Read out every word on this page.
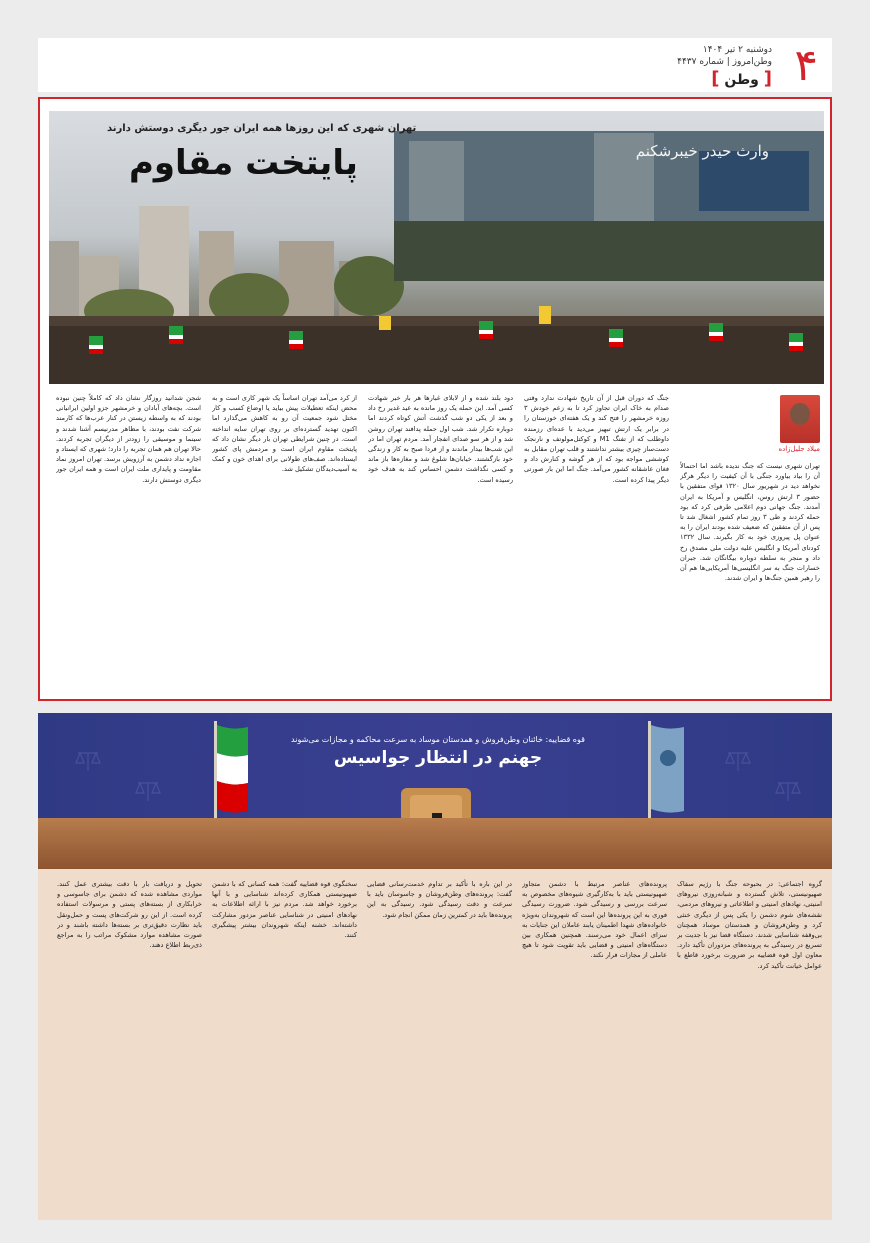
۴
دوشنبه ۲ تیر ۱۴۰۴
وطن‌امروز | شماره ۴۴۳۷
[ وطن ]
وارث حیدر خیبرشکنم
تهران شهری که این روزها همه ایران جور دیگری دوستش دارند
پایتخت مقاوم
میلاد جلیل‌زاده

تهران شهری نیست که جنگ ندیده باشد اما احتمالاً آن را بیاد بیاورد جنگی با آن کیفیت را دیگر هرگز نخواهد دید در شهریور سال ۱۳۲۰ قوای متفقین با حضور ۳ ارتش روس، انگلیس و آمریکا به ایران آمدند. جنگ جهانی دوم اعلامی طرفی کرد که بود حمله کردند و طی ۳ روز تمام کشور اشغال شد تا پس از آن متفقین که ضعیف شده بودند ایران را به عنوان پل پیروزی خود به کار بگیرند. سال ۱۳۳۲ کودتای آمریکا و انگلیس علیه دولت ملی مصدق رخ داد و منجر به سلطه دوباره بیگانگان شد. جبران خسارات جنگ به سر انگلیسی‌ها آمریکایی‌ها هم آن را رهبر همین جنگ‌ها و ایران شدند.

جنگ که دوران قبل از آن تاریخ شهادت ندارد وقتی صدام به خاک ایران تجاوز کرد تا به زعم خودش ۳ روزه خرمشهر را فتح کند و یک هفته‌ای خوزستان را در برابر یک ارتش تبهیز می‌دید با عده‌ای رزمنده داوطلب که از تفنگ M1 و کوکتل‌مولوتف و نارنجک دست‌ساز چیزی بیشتر نداشتند و قلب تهران مقابل به کوششی مواجه بود که از هر گوشه و کنارش داد و فغان عاشقانه کشور می‌آمد. جنگ اما این بار صورتی دیگر پیدا کرده است.

دود بلند شده و از لابلای غبارها هر بار خبر شهادت کسی آمد. این حمله یک روز مانده به عید غدیر رخ داد و بعد از یکی دو شب گذشت آتش کوتاه کردند اما دوباره تکرار شد. شب اول حمله پدافند تهران روشن شد و از هر سو صدای انفجار آمد. مردم تهران اما در این شب‌ها بیدار ماندند و از فردا صبح به کار و زندگی خود بازگشتند. خیابان‌ها شلوغ شد و مغازه‌ها باز ماند و کسی نگذاشت دشمن احساس کند به هدف خود رسیده است.

از کرد می‌آمد تهران اساساً یک شهر کاری است و به محض اینکه تعطیلات پیش بیاید یا اوضاع کسب و کار مختل شود جمعیت آن رو به کاهش می‌گذارد اما اکنون تهدید گسترده‌ای بر روی تهران سایه انداخته است. در چنین شرایطی تهران بار دیگر نشان داد که پایتخت مقاوم ایران است و مردمش پای کشور ایستاده‌اند. صف‌های طولانی برای اهدای خون و کمک به آسیب‌دیدگان تشکیل شد.

شجن شدانید روزگار نشان داد که کاملاً چنین نبوده است. بچه‌های آبادان و خرمشهر جزو اولین ایرانیانی بودند که به واسطه زیستن در کنار عرب‌ها که کارمند شرکت نفت بودند، با مظاهر مدرنیسم آشنا شدند و سینما و موسیقی را زودتر از دیگران تجربه کردند. حالا تهران هم همان تجربه را دارد؛ شهری که ایستاد و اجازه نداد دشمن به آرزویش برسد. تهران امروز نماد مقاومت و پایداری ملت ایران است و همه ایران جور دیگری دوستش دارند.

قوه قضاییه: خائنان وطن‌فروش و همدستان موساد به سرعت محاکمه و مجازات می‌شوند
جهنم در انتظار جواسیس

گروه اجتماعی: در بحبوحه جنگ با رژیم سفاک صهیونیستی، تلاش گسترده و شبانه‌روزی نیروهای امنیتی، نهادهای امنیتی و اطلاعاتی و نیروهای مردمی، نقشه‌های شوم دشمن را یکی پس از دیگری خنثی کرد و وطن‌فروشان و همدستان موساد همچنان بی‌وقفه شناسایی شدند. دستگاه قضا نیز با جدیت بر تسریع در رسیدگی به پرونده‌های مزدوران تأکید دارد. معاون اول قوه قضاییه بر ضرورت برخورد قاطع با عوامل خیانت تأکید کرد.

پرونده‌های عناصر مرتبط با دشمن متجاوز صهیونیستی باید با به‌کارگیری شیوه‌های مخصوص به سرعت بررسی و رسیدگی شود. ضرورت رسیدگی فوری به این پرونده‌ها این است که شهروندان به‌ویژه خانواده‌های شهدا اطمینان یابند عاملان این جنایات به سزای اعمال خود می‌رسند. همچنین همکاری بین دستگاه‌های امنیتی و قضایی باید تقویت شود تا هیچ عاملی از مجازات فرار نکند.

در این باره با تأکید بر تداوم خدمت‌رسانی قضایی گفت: پرونده‌های وطن‌فروشان و جاسوسان باید با سرعت و دقت رسیدگی شود. رسیدگی به این پرونده‌ها باید در کمترین زمان ممکن انجام شود.

سخنگوی قوه قضاییه گفت: همه کسانی که با دشمن صهیونیستی همکاری کرده‌اند شناسایی و با آنها برخورد خواهد شد. مردم نیز با ارائه اطلاعات به نهادهای امنیتی در شناسایی عناصر مزدور مشارکت داشته‌اند. خشنه اینکه شهروندان بیشتر پیشگیری کنند.

تحویل و دریافت بار با دقت بیشتری عمل کنند. مواردی مشاهده شده که دشمن برای جاسوسی و خرابکاری از بسته‌های پستی و مرسولات استفاده کرده است. از این رو شرکت‌های پست و حمل‌ونقل باید نظارت دقیق‌تری بر بسته‌ها داشته باشند و در صورت مشاهده موارد مشکوک مراتب را به مراجع ذی‌ربط اطلاع دهند.
